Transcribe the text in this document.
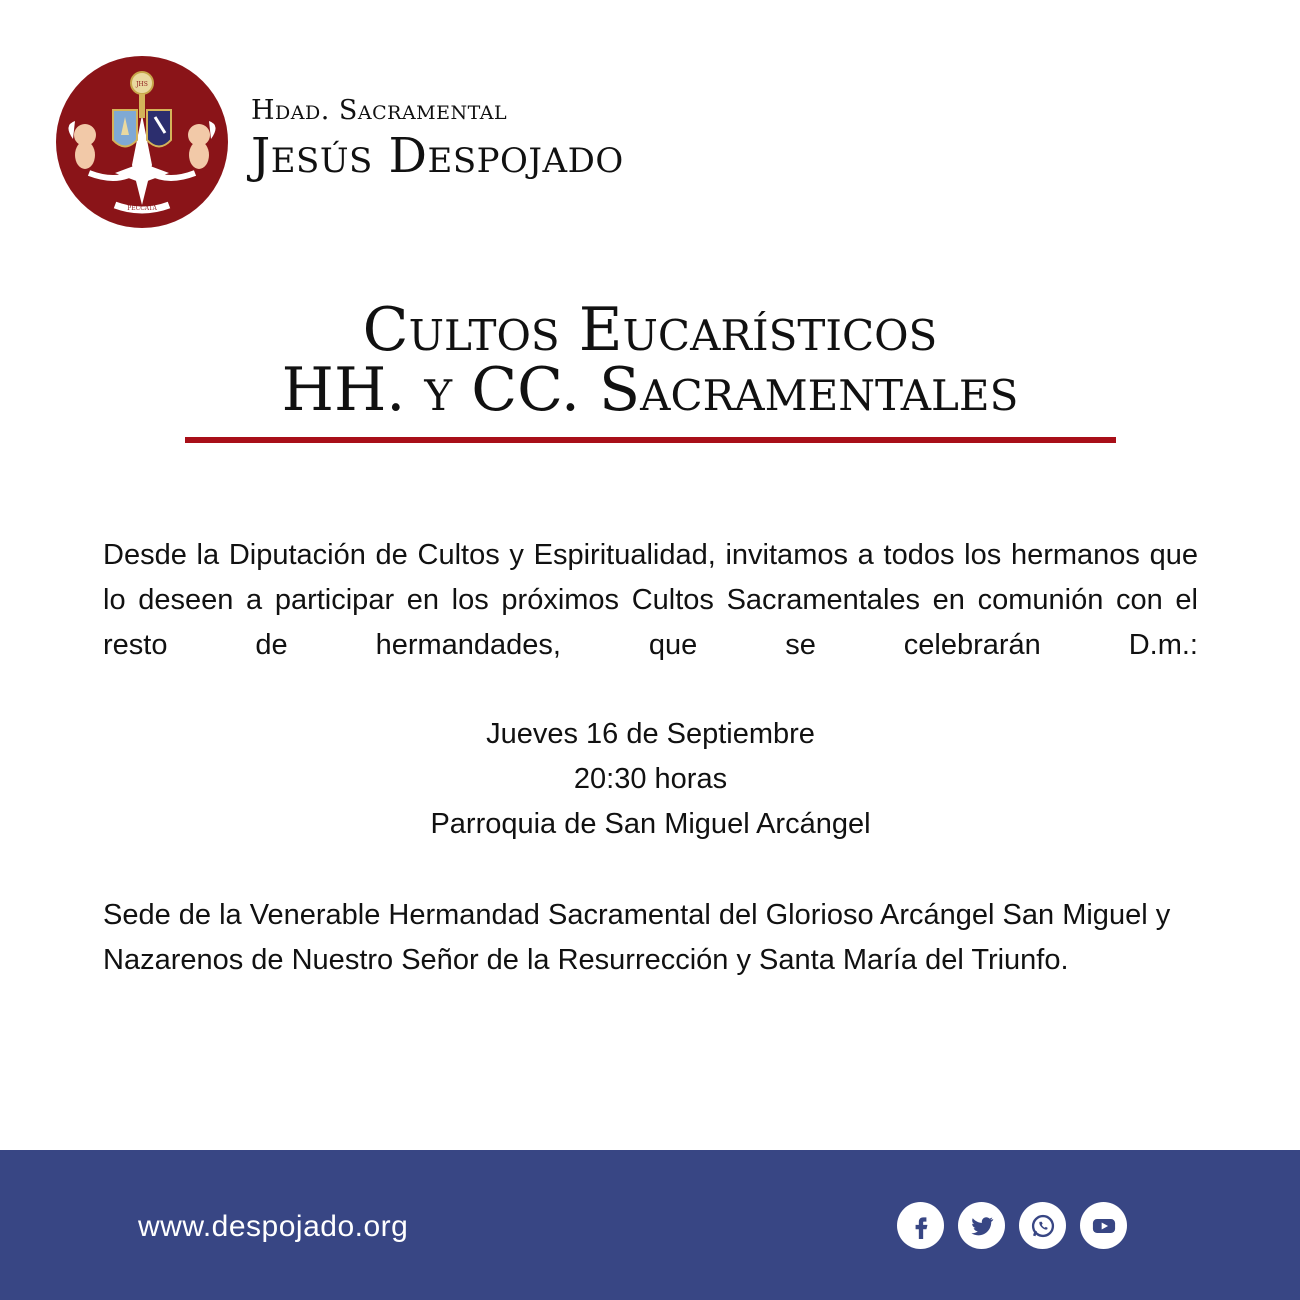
JHS
PECCATA
Hdad. Sacramental
Jesús Despojado
Cultos Eucarísticos
HH. y CC. Sacramentales
Desde la Diputación de Cultos y Espiritualidad, invitamos a todos los hermanos que lo deseen a participar en los próximos Cultos Sacramentales en comunión con el resto de hermandades, que se celebrarán D.m.:
Jueves 16 de Septiembre
20:30 horas
Parroquia de San Miguel Arcángel
Sede de la Venerable Hermandad Sacramental del Glorioso Arcángel San Miguel y Nazarenos de Nuestro Señor de la Resurrección y Santa María del Triunfo.
www.despojado.org
